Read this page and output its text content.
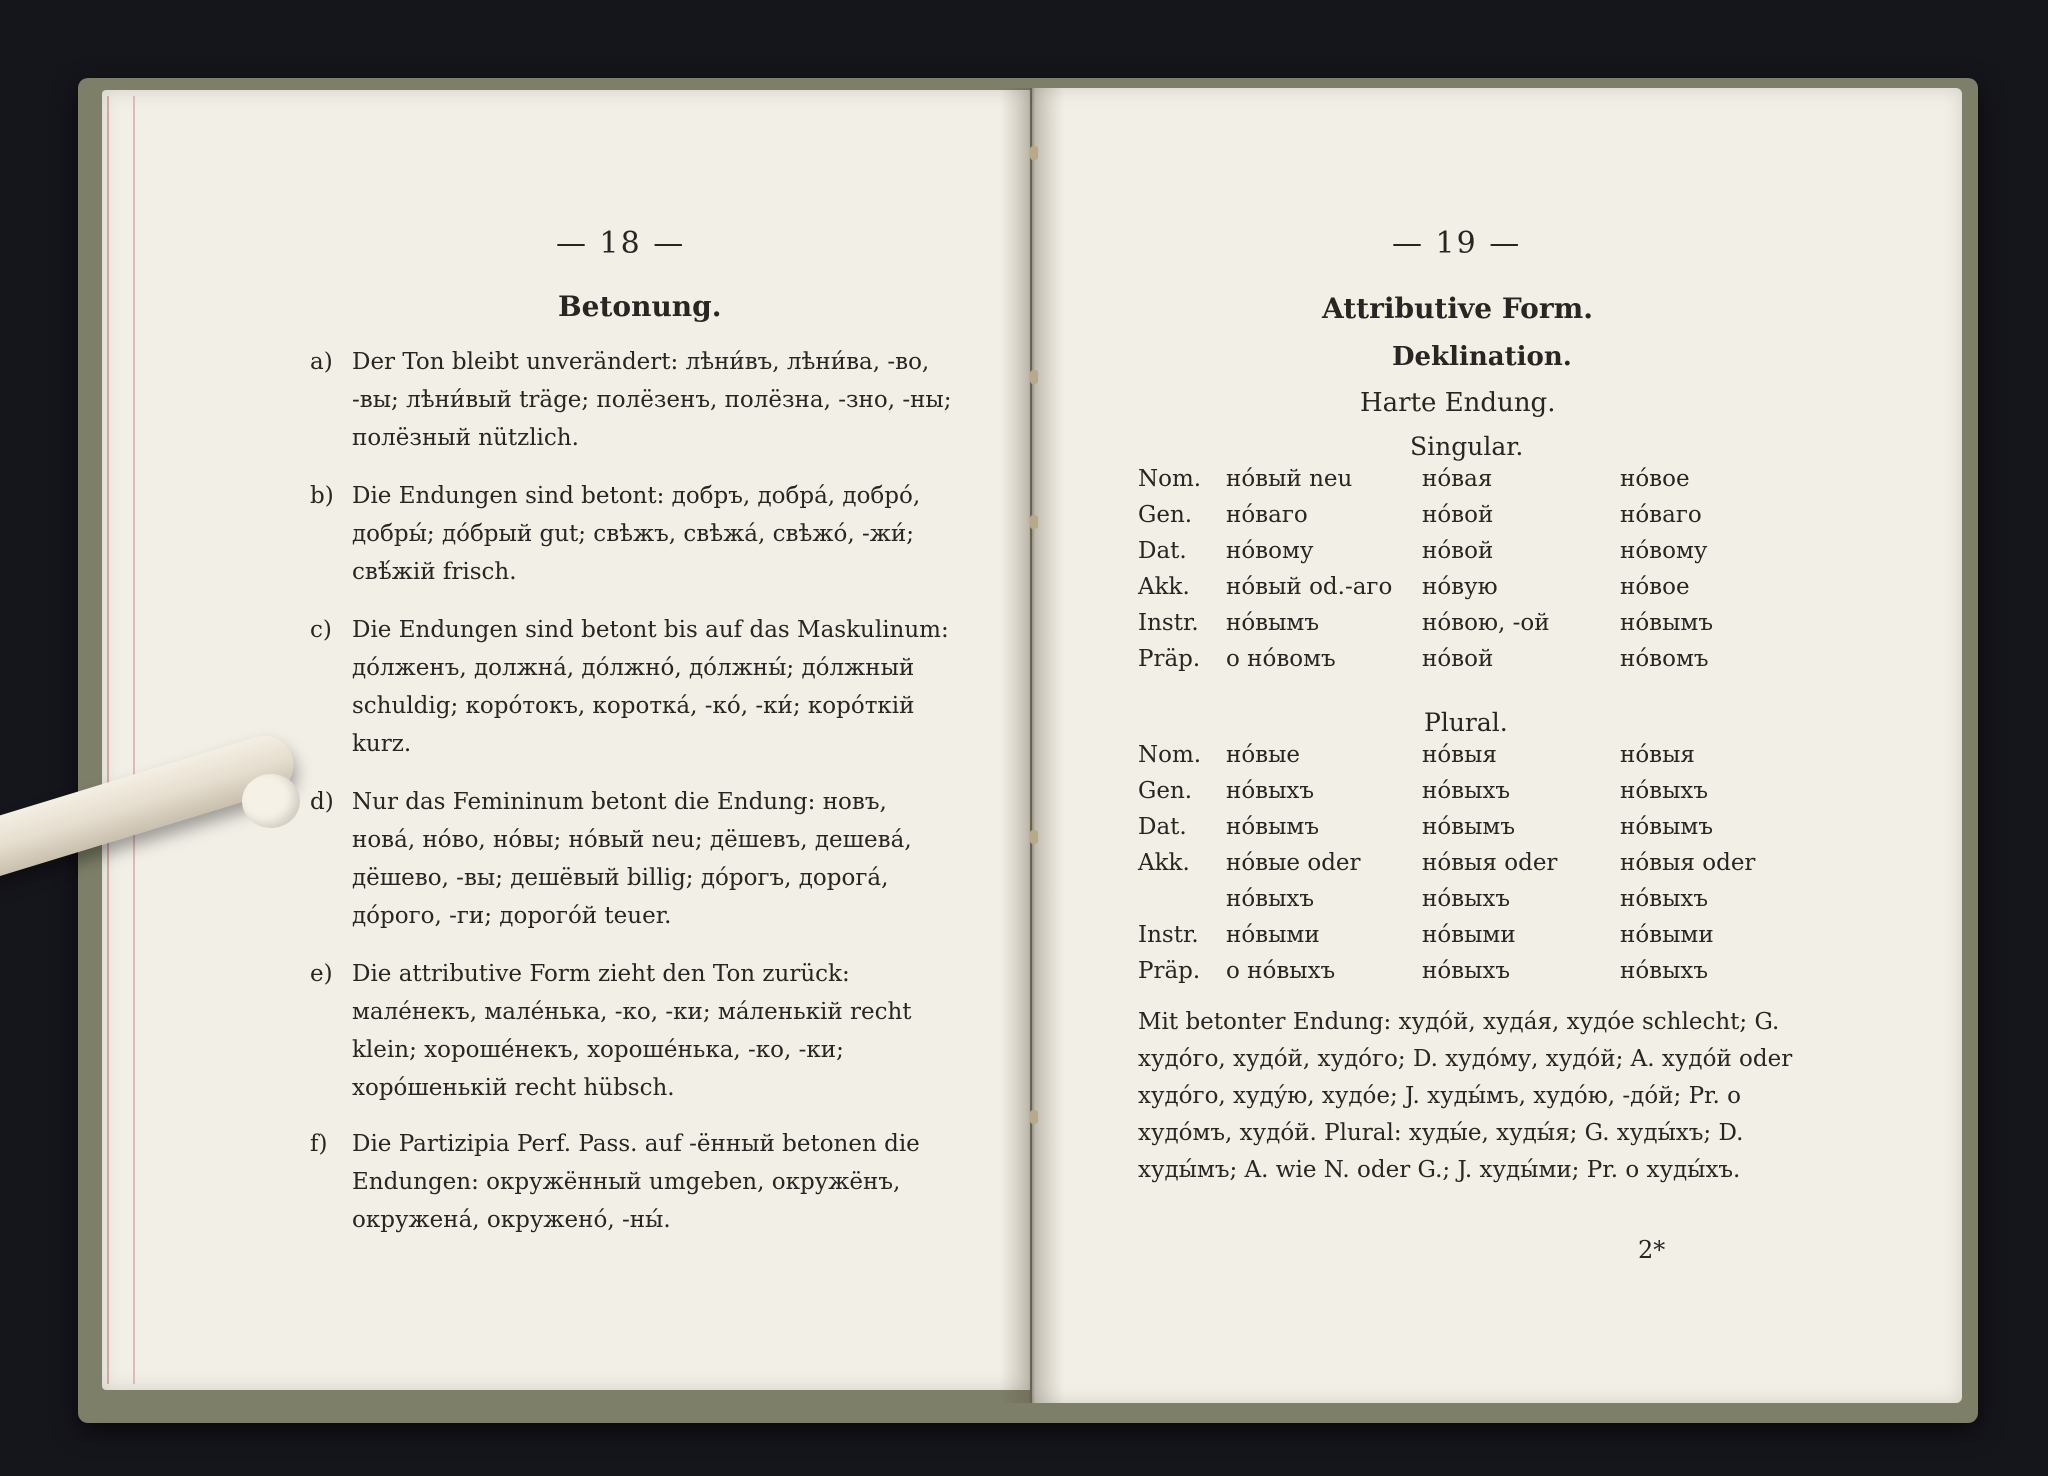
— 18 —
Betonung.
a) Der Ton bleibt unverändert: лѣни́въ, лѣни́ва, -во, -вы; лѣни́вый träge; полёзенъ, полёзна, -зно, -ны; полёзный nützlich.
b) Die Endungen sind betont: добръ, добра́, добро́, добры́; до́брый gut; свѣжъ, свѣжа́, свѣжо́, -жи́; свѣ́жій frisch.
c) Die Endungen sind betont bis auf das Maskulinum: до́лженъ, должна́, до́лжно́, до́лжны́; до́лжный schuldig; коро́токъ, коротка́, -ко́, -ки́; коро́ткій kurz.
d) Nur das Femininum betont die Endung: новъ, нова́, но́во, но́вы; но́вый neu; дёшевъ, дешева́, дёшево, -вы; дешёвый billig; до́рогъ, дорога́, до́рого, -ги; дорого́й teuer.
e) Die attributive Form zieht den Ton zurück: мале́некъ, мале́нька, -ко, -ки; ма́ленькій recht klein; хороше́некъ, хороше́нька, -ко, -ки; хоро́шенькій recht hübsch.
f) Die Partizipia Perf. Pass. auf -ённый betonen die Endungen: окружённый umgeben, окружёнъ, окружена́, окружено́, -ны́.
— 19 —
Attributive Form.
Deklination.
Harte Endung.
Singular.
Nom.	но́вый neu	но́вая	но́вое
Gen.	но́ваго	но́вой	но́ваго
Dat.	но́вому	но́вой	но́вому
Akk.	но́вый od.-аго	но́вую	но́вое
Instr.	но́вымъ	но́вою, -ой	но́вымъ
Präp.	о но́вомъ	но́вой	но́вомъ
Plural.
Nom.	но́вые	но́выя	но́выя
Gen.	но́выхъ	но́выхъ	но́выхъ
Dat.	но́вымъ	но́вымъ	но́вымъ
Akk.	но́вые oder	но́выя oder	но́выя oder
	но́выхъ	но́выхъ	но́выхъ
Instr.	но́выми	но́выми	но́выми
Präp.	о но́выхъ	но́выхъ	но́выхъ
Mit betonter Endung: худо́й, худа́я, худо́е schlecht; G. худо́го, худо́й, худо́го; D. худо́му, худо́й; A. худо́й oder худо́го, худу́ю, худо́е; J. худы́мъ, худо́ю, -до́й; Pr. о худо́мъ, худо́й. Plural: худы́е, худы́я; G. худы́хъ; D. худы́мъ; A. wie N. oder G.; J. худы́ми; Pr. о худы́хъ.
2*
